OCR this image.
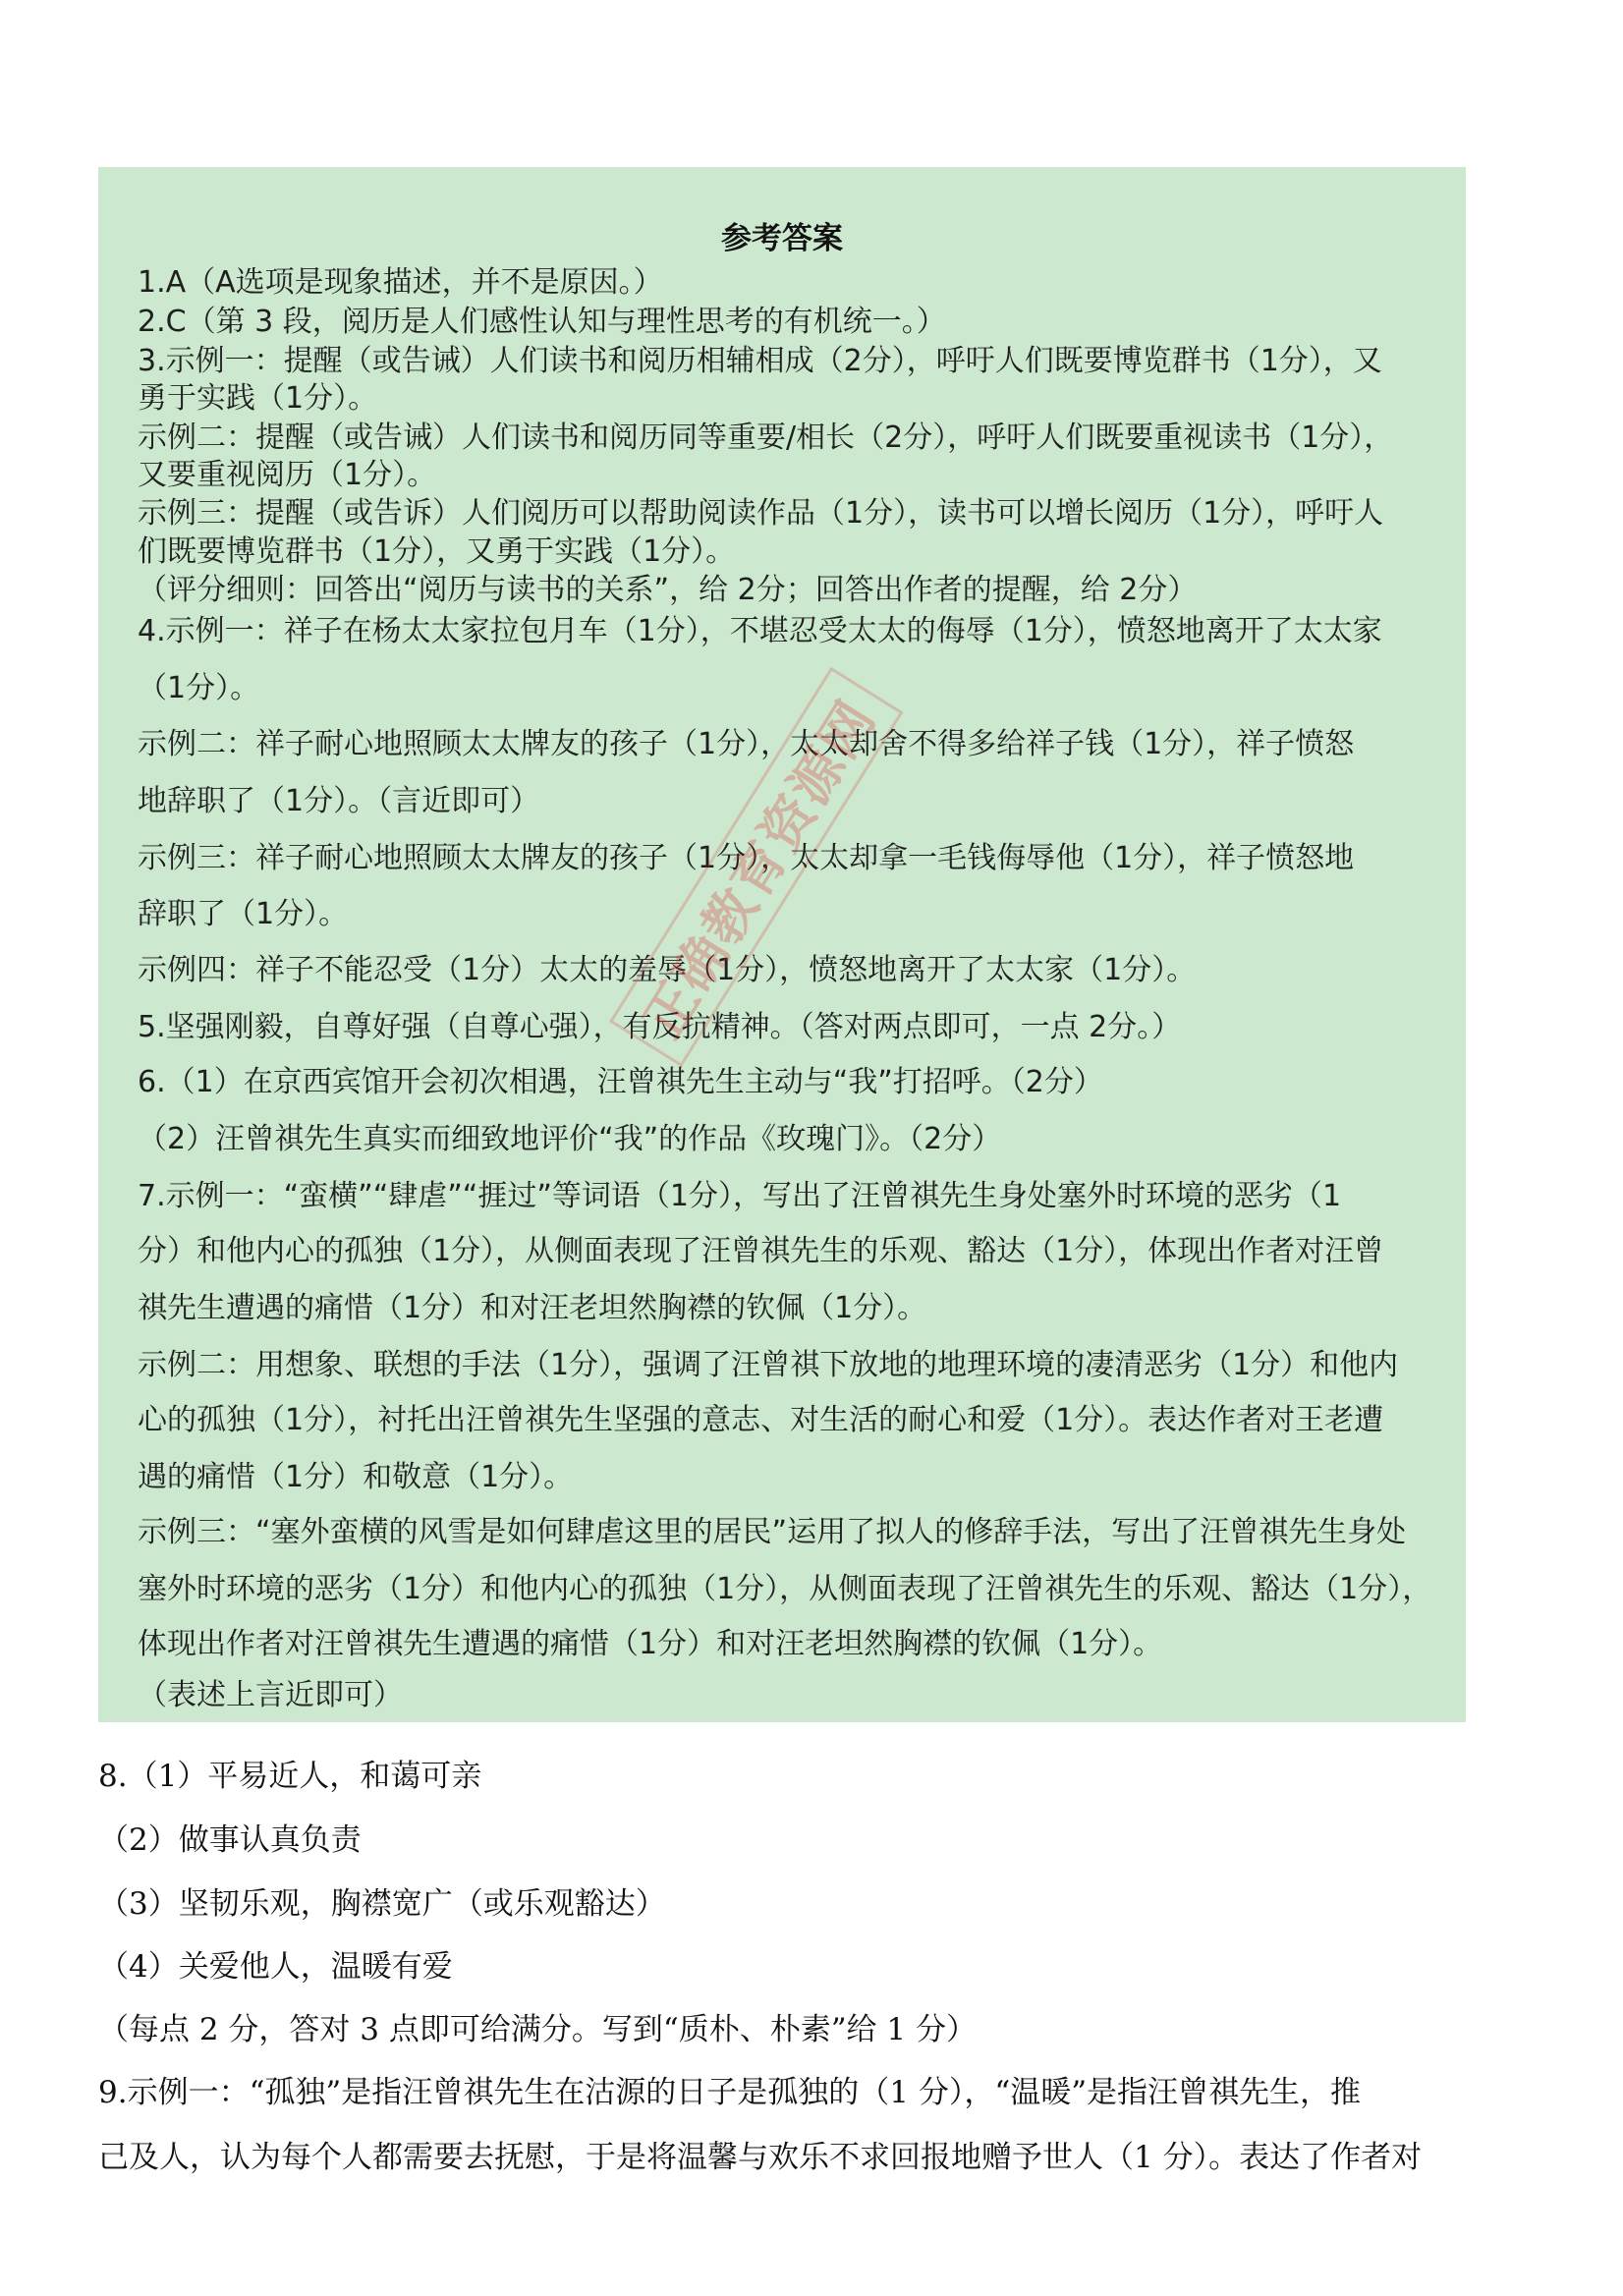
参考答案
1.A（A选项是现象描述，并不是原因。）
2.C（第 3 段，阅历是人们感性认知与理性思考的有机统一。）
3.示例一：提醒（或告诫）人们读书和阅历相辅相成（2分），呼吁人们既要博览群书（1分），又
勇于实践（1分）。
示例二：提醒（或告诫）人们读书和阅历同等重要/相长（2分），呼吁人们既要重视读书（1分），
又要重视阅历（1分）。
示例三：提醒（或告诉）人们阅历可以帮助阅读作品（1分），读书可以增长阅历（1分），呼吁人
们既要博览群书（1分），又勇于实践（1分）。
（评分细则：回答出“阅历与读书的关系”，给 2分；回答出作者的提醒，给 2分）
4.示例一：祥子在杨太太家拉包月车（1分），不堪忍受太太的侮辱（1分），愤怒地离开了太太家
（1分）。
示例二：祥子耐心地照顾太太牌友的孩子（1分），太太却舍不得多给祥子钱（1分），祥子愤怒
地辞职了（1分）。（言近即可）
示例三：祥子耐心地照顾太太牌友的孩子（1分），太太却拿一毛钱侮辱他（1分），祥子愤怒地
辞职了（1分）。
示例四：祥子不能忍受（1分）太太的羞辱（1分），愤怒地离开了太太家（1分）。
5.坚强刚毅，自尊好强（自尊心强），有反抗精神。（答对两点即可，一点 2分。）
6.（1）在京西宾馆开会初次相遇，汪曾祺先生主动与“我”打招呼。（2分）
（2）汪曾祺先生真实而细致地评价“我”的作品《玫瑰门》。（2分）
7.示例一：“蛮横”“肆虐”“捱过”等词语（1分），写出了汪曾祺先生身处塞外时环境的恶劣（1
分）和他内心的孤独（1分），从侧面表现了汪曾祺先生的乐观、豁达（1分），体现出作者对汪曾
祺先生遭遇的痛惜（1分）和对汪老坦然胸襟的钦佩（1分）。
示例二：用想象、联想的手法（1分），强调了汪曾祺下放地的地理环境的凄清恶劣（1分）和他内
心的孤独（1分），衬托出汪曾祺先生坚强的意志、对生活的耐心和爱（1分）。表达作者对王老遭
遇的痛惜（1分）和敬意（1分）。
示例三：“塞外蛮横的风雪是如何肆虐这里的居民”运用了拟人的修辞手法，写出了汪曾祺先生身处
塞外时环境的恶劣（1分）和他内心的孤独（1分），从侧面表现了汪曾祺先生的乐观、豁达（1分），
体现出作者对汪曾祺先生遭遇的痛惜（1分）和对汪老坦然胸襟的钦佩（1分）。
（表述上言近即可）
8.（1）平易近人，和蔼可亲
（2）做事认真负责
（3）坚韧乐观，胸襟宽广（或乐观豁达）
（4）关爱他人，温暖有爱
（每点 2 分，答对 3 点即可给满分。写到“质朴、朴素”给 1 分）
9.示例一：“孤独”是指汪曾祺先生在沽源的日子是孤独的（1 分），“温暖”是指汪曾祺先生，推
己及人，认为每个人都需要去抚慰，于是将温馨与欢乐不求回报地赠予世人（1 分）。表达了作者对
正确教育资源网
